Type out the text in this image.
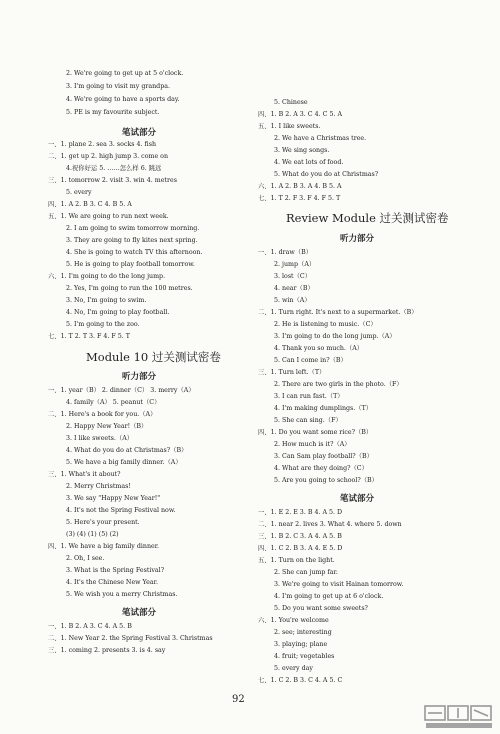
2. We're going to get up at 5 o'clock.
3. I'm going to visit my grandpa.
4. We're going to have a sports day.
5. PE is my favourite subject.
笔试部分
一、1. plane 2. sea 3. socks 4. fish
二、1. get up 2. high jump 3. come on
4.祝你好运 5. ……怎么样 6. 跳远
三、1. tomorrow 2. visit 3. win 4. metres
5. every
四、1. A 2. B 3. C 4. B 5. A
五、1. We are going to run next week.
2. I am going to swim tomorrow morning.
3. They are going to fly kites next spring.
4. She is going to watch TV this afternoon.
5. He is going to play football tomorrow.
六、1. I'm going to do the long jump.
2. Yes, I'm going to run the 100 metres.
3. No, I'm going to swim.
4. No, I'm going to play football.
5. I'm going to the zoo.
七、1. T 2. T 3. F 4. F 5. T
Module 10 过关测试密卷
听力部分
一、1. year（B） 2. dinner（C） 3. merry（A）
4. family（A） 5. peanut（C）
二、1. Here's a book for you.（A）
2. Happy New Year!（B）
3. I like sweets.（A）
4. What do you do at Christmas?（B）
5. We have a big family dinner.（A）
三、1. What's it about?
2. Merry Christmas!
3. We say "Happy New Year!"
4. It's not the Spring Festival now.
5. Here's your present.
(3) (4) (1) (5) (2)
四、1. We have a big family dinner.
2. Oh, I see.
3. What is the Spring Festival?
4. It's the Chinese New Year.
5. We wish you a merry Christmas.
笔试部分
一、1. B 2. A 3. C 4. A 5. B
二、1. New Year 2. the Spring Festival 3. Christmas
三、1. coming 2. presents 3. is 4. say
5. Chinese
四、1. B 2. A 3. C 4. C 5. A
五、1. I like sweets.
2. We have a Christmas tree.
3. We sing songs.
4. We eat lots of food.
5. What do you do at Christmas?
六、1. A 2. B 3. A 4. B 5. A
七、1. T 2. F 3. F 4. F 5. T
Review Module 过关测试密卷
听力部分
一、1. draw（B）
2. jump（A）
3. lost（C）
4. near（B）
5. win（A）
二、1. Turn right. It's next to a supermarket.（B）
2. He is listening to music.（C）
3. I'm going to do the long jump.（A）
4. Thank you so much.（A）
5. Can I come in?（B）
三、1. Turn left.（T）
2. There are two girls in the photo.（F）
3. I can run fast.（T）
4. I'm making dumplings.（T）
5. She can sing.（F）
四、1. Do you want some rice?（B）
2. How much is it?（A）
3. Can Sam play football?（B）
4. What are they doing?（C）
5. Are you going to school?（B）
笔试部分
一、1. E 2. E 3. B 4. A 5. D
二、1. near 2. lives 3. What 4. where 5. down
三、1. B 2. C 3. A 4. A 5. B
四、1. C 2. B 3. A 4. E 5. D
五、1. Turn on the light.
2. She can jump far.
3. We're going to visit Hainan tomorrow.
4. I'm going to get up at 6 o'clock.
5. Do you want some sweets?
六、1. You're welcome
2. see; interesting
3. playing; plane
4. fruit; vegetables
5. every day
七、1. C 2. B 3. C 4. A 5. C
92
